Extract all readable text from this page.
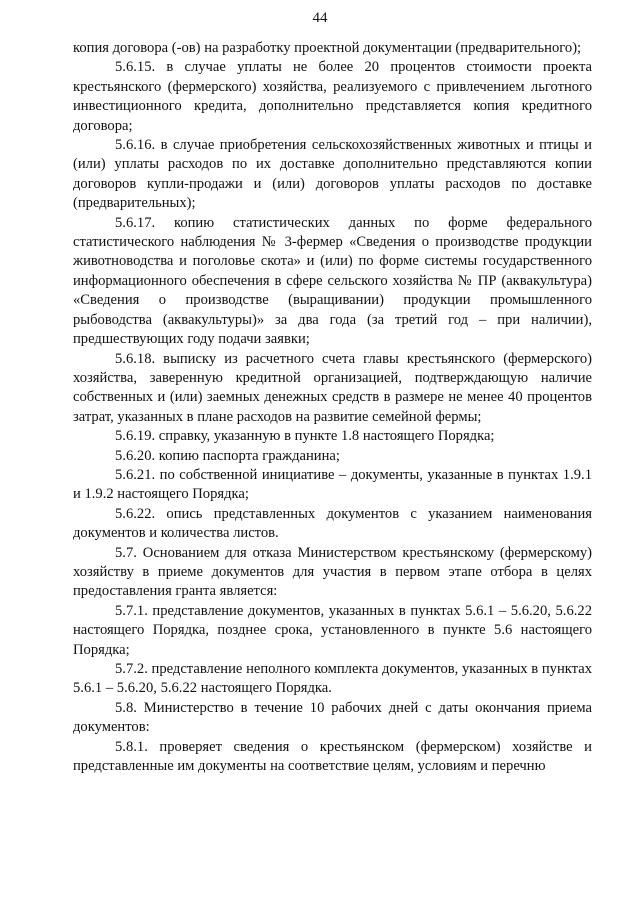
44

копия договора (-ов) на разработку проектной документации (предварительного);

5.6.15. в случае уплаты не более 20 процентов стоимости проекта крестьянского (фермерского) хозяйства, реализуемого с привлечением льготного инвестиционного кредита, дополнительно представляется копия кредитного договора;

5.6.16. в случае приобретения сельскохозяйственных животных и птицы и (или) уплаты расходов по их доставке дополнительно представляются копии договоров купли-продажи и (или) договоров уплаты расходов по доставке (предварительных);

5.6.17. копию статистических данных по форме федерального статистического наблюдения № 3-фермер «Сведения о производстве продукции животноводства и поголовье скота» и (или) по форме системы государственного информационного обеспечения в сфере сельского хозяйства № ПР (аквакультура) «Сведения о производстве (выращивании) продукции промышленного рыбоводства (аквакультуры)» за два года (за третий год – при наличии), предшествующих году подачи заявки;

5.6.18. выписку из расчетного счета главы крестьянского (фермерского) хозяйства, заверенную кредитной организацией, подтверждающую наличие собственных и (или) заемных денежных средств в размере не менее 40 процентов затрат, указанных в плане расходов на развитие семейной фермы;

5.6.19. справку, указанную в пункте 1.8 настоящего Порядка;

5.6.20. копию паспорта гражданина;

5.6.21. по собственной инициативе – документы, указанные в пунктах 1.9.1 и 1.9.2 настоящего Порядка;

5.6.22. опись представленных документов с указанием наименования документов и количества листов.

5.7. Основанием для отказа Министерством крестьянскому (фермерскому) хозяйству в приеме документов для участия в первом этапе отбора в целях предоставления гранта является:

5.7.1. представление документов, указанных в пунктах 5.6.1 – 5.6.20, 5.6.22 настоящего Порядка, позднее срока, установленного в пункте 5.6 настоящего Порядка;

5.7.2. представление неполного комплекта документов, указанных в пунктах 5.6.1 – 5.6.20, 5.6.22 настоящего Порядка.

5.8. Министерство в течение 10 рабочих дней с даты окончания приема документов:

5.8.1. проверяет сведения о крестьянском (фермерском) хозяйстве и представленные им документы на соответствие целям, условиям и перечню
